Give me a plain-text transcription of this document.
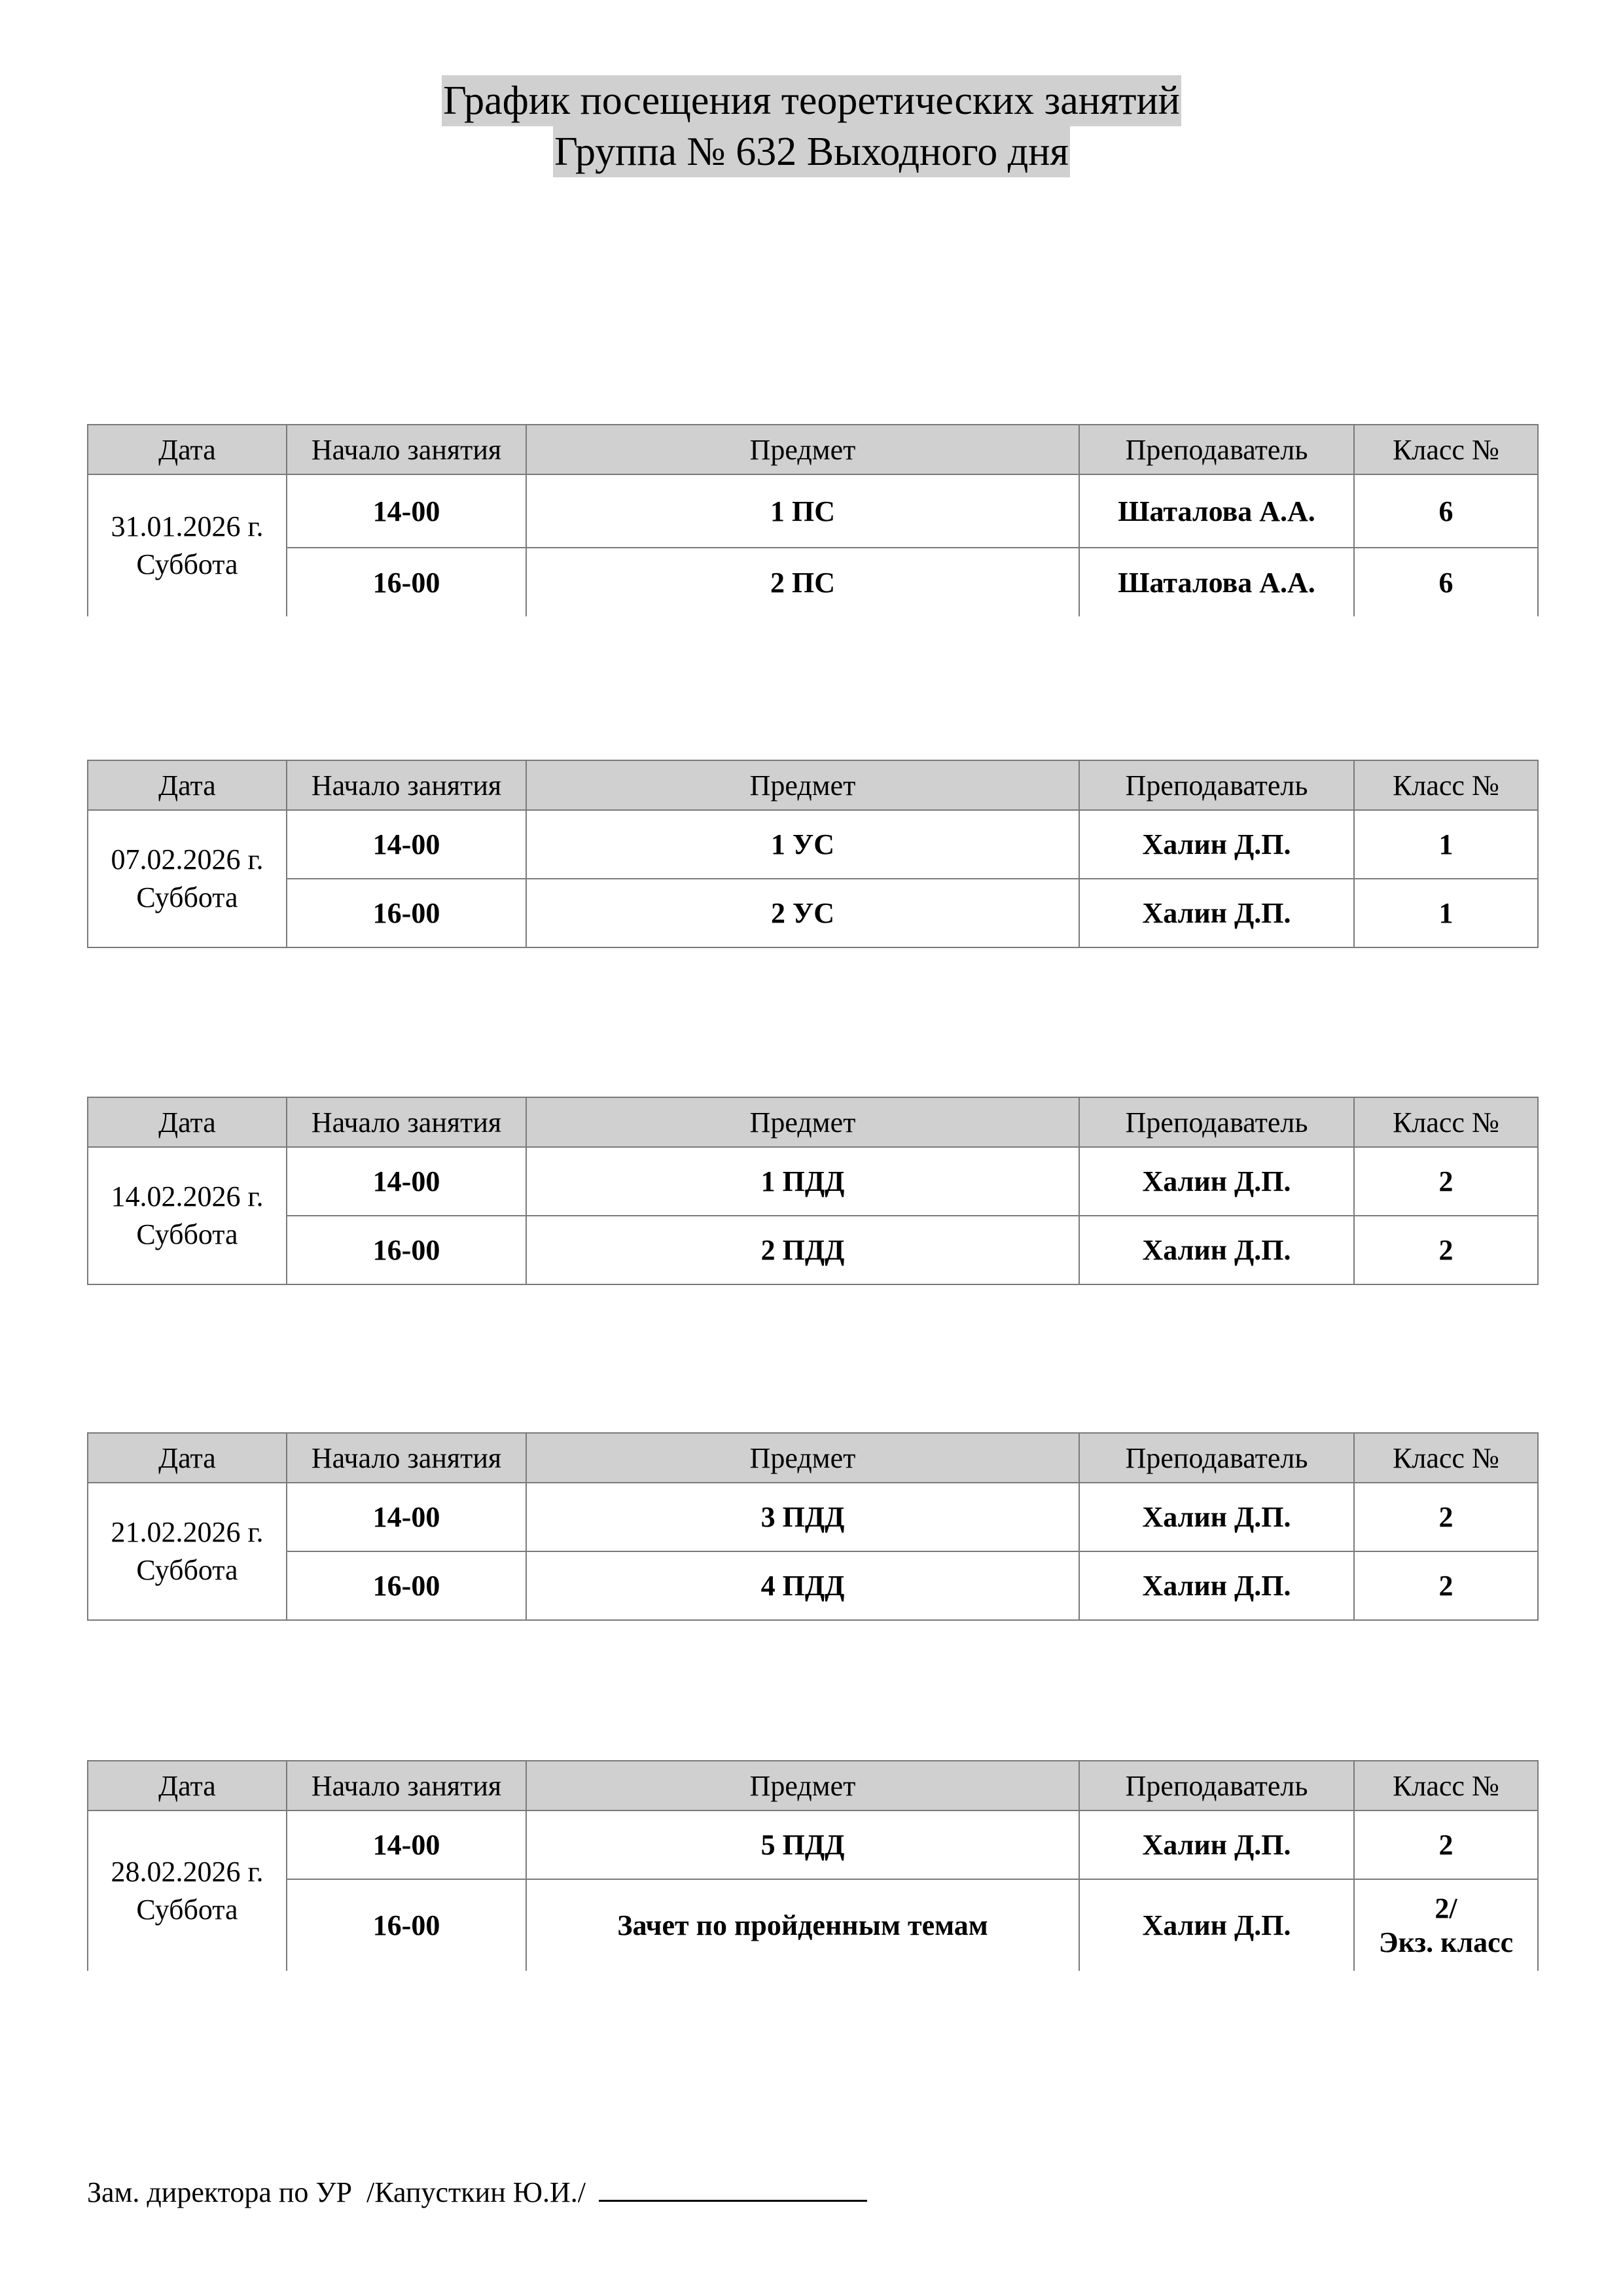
График посещения теоретических занятий
Группа № 632 Выходного дня
Дата	Начало занятия	Предмет	Преподаватель	Класс №

31.01.2026 г.
Суббота	14-00	1 ПС	Шаталова А.А.	6
	16-00	2 ПС	Шаталова А.А.	6
Дата	Начало занятия	Предмет	Преподаватель	Класс №

07.02.2026 г.
Суббота	14-00	1 УС	Халин Д.П.	1
	16-00	2 УС	Халин Д.П.	1
Дата	Начало занятия	Предмет	Преподаватель	Класс №

14.02.2026 г.
Суббота	14-00	1 ПДД	Халин Д.П.	2
	16-00	2 ПДД	Халин Д.П.	2
Дата	Начало занятия	Предмет	Преподаватель	Класс №

21.02.2026 г.
Суббота	14-00	3 ПДД	Халин Д.П.	2
	16-00	4 ПДД	Халин Д.П.	2
Дата	Начало занятия	Предмет	Преподаватель	Класс №

28.02.2026 г.
Суббота	14-00	5 ПДД	Халин Д.П.	2
	16-00	Зачет по пройденным темам	Халин Д.П.	2/
Экз. класс
Зам. директора по УР  /Капусткин Ю.И./
